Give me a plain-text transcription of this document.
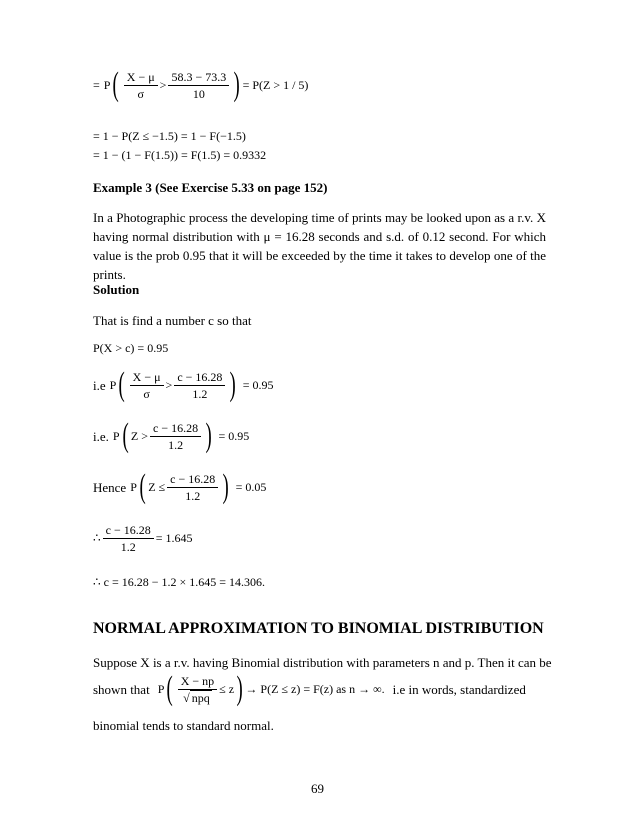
= P ( $\frac{X - \mu}{\sigma} > \frac{58.3 - 73.3}{10}$ ) = P(Z > 1 / 5)
= 1 − P(Z ≤ −1.5) = 1 − F(−1.5)
= 1 − (1 − F(1.5)) = F(1.5) = 0.9332
Example 3 (See Exercise 5.33 on page 152)
In a Photographic process the developing time of prints may be looked upon as a r.v. X having normal distribution with μ = 16.28 seconds and s.d. of 0.12 second. For which value is the prob 0.95 that it will be exceeded by the time it takes to develop one of the prints.
Solution
That is find a number c so that
P(X > c) = 0.95
i.e P ( $\frac{X - \mu}{\sigma} > \frac{c - 16.28}{1.2}$ ) = 0.95
i.e. P ( $Z > \frac{c - 16.28}{1.2}$ ) = 0.95
Hence P ( $Z \le \frac{c - 16.28}{1.2}$ ) = 0.05
∴ $\frac{c - 16.28}{1.2} = 1.645$
∴ c = 16.28 − 1.2 × 1.645 = 14.306.
NORMAL APPROXIMATION TO BINOMIAL DISTRIBUTION
Suppose X is a r.v. having Binomial distribution with parameters n and p. Then it can be
shown that P ( $\frac{X - np}{\text{√ npq}} \le z$ ) → P(Z ≤ z) = F(z) as n → ∞. i.e in words, standardized
binomial tends to standard normal.
69
